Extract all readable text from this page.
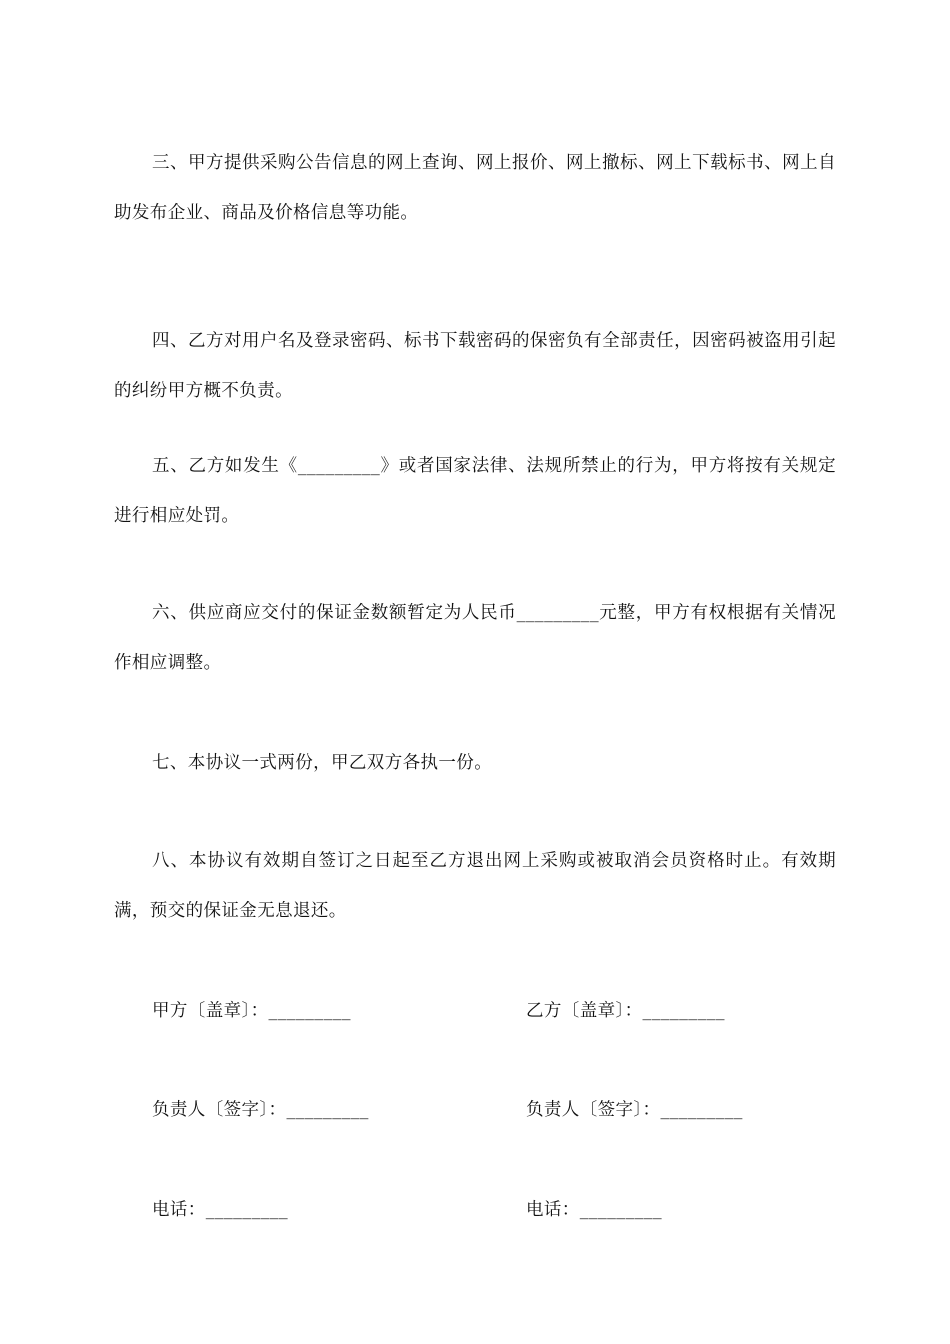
三、甲方提供采购公告信息的网上查询、网上报价、网上撤标、网上下载标书、网上自助发布企业、商品及价格信息等功能。

四、乙方对用户名及登录密码、标书下载密码的保密负有全部责任，因密码被盗用引起的纠纷甲方概不负责。

五、乙方如发生《_________》或者国家法律、法规所禁止的行为，甲方将按有关规定进行相应处罚。

六、供应商应交付的保证金数额暂定为人民币_________元整，甲方有权根据有关情况作相应调整。

七、本协议一式两份，甲乙双方各执一份。

八、本协议有效期自签订之日起至乙方退出网上采购或被取消会员资格时止。有效期满，预交的保证金无息退还。

甲方〔盖章〕：_________	乙方〔盖章〕：_________

负责人〔签字〕：_________	负责人〔签字〕：_________

电话：_________	电话：_________
